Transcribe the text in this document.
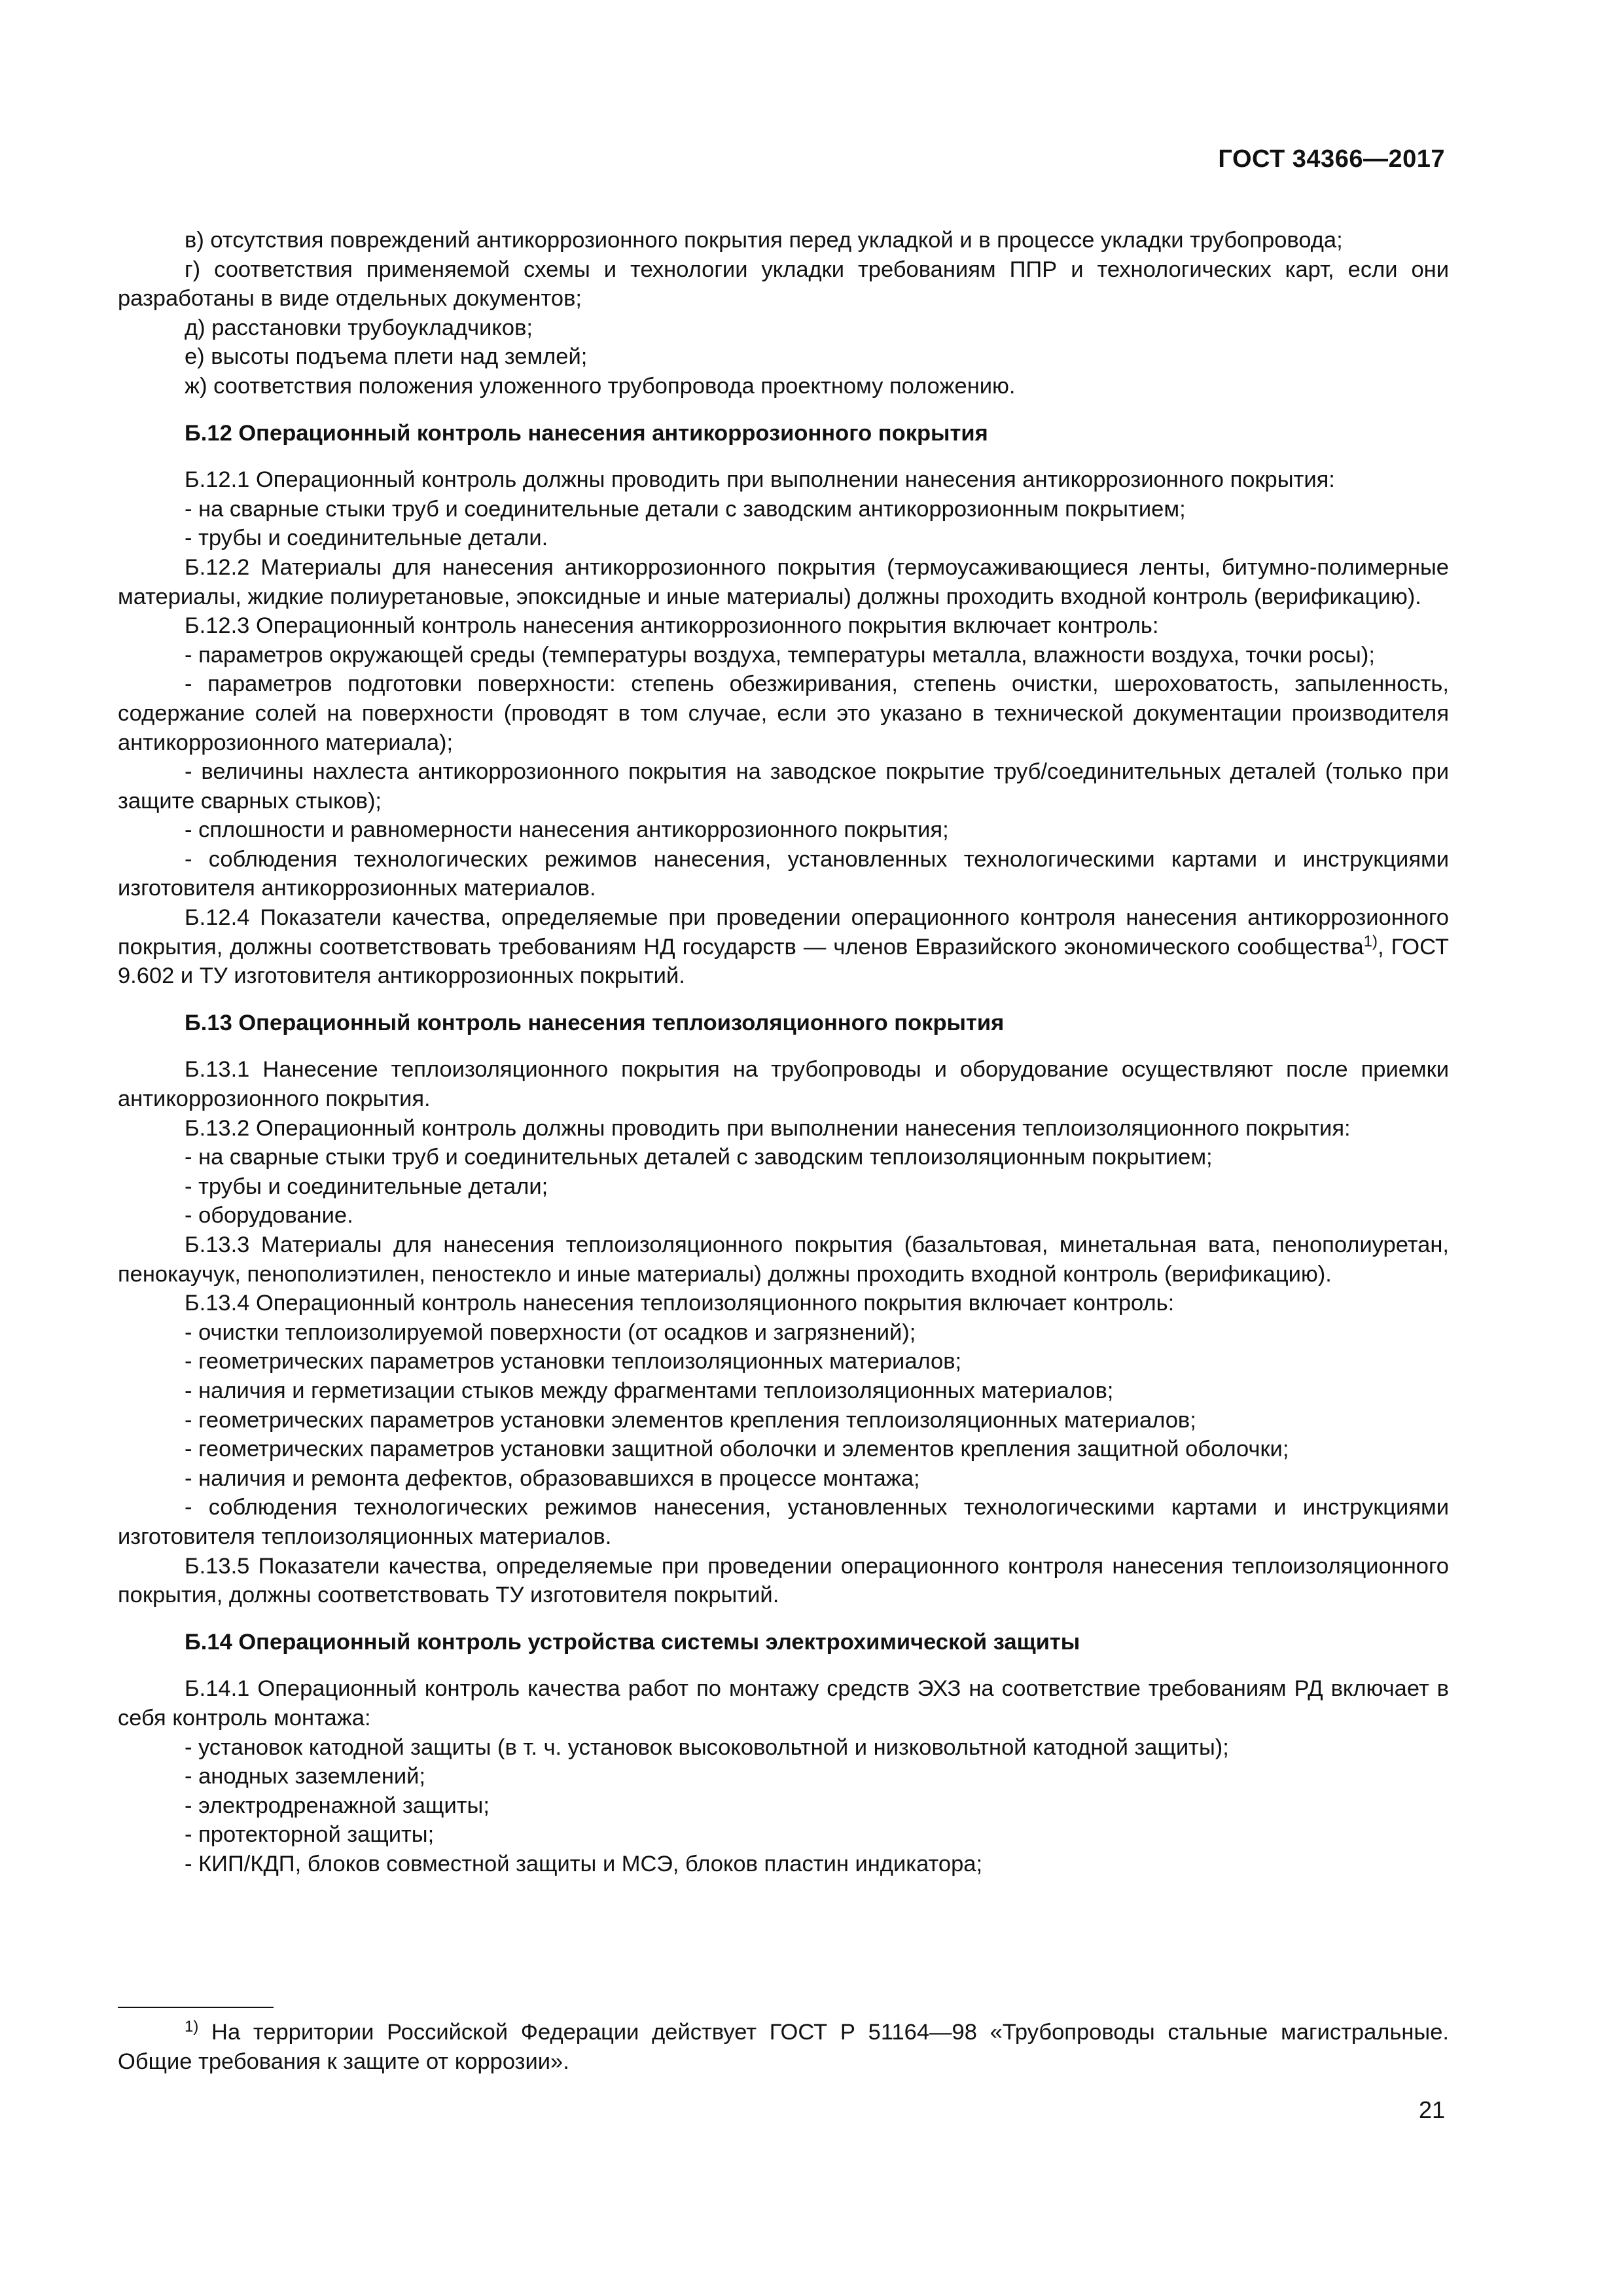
ГОСТ 34366—2017

в) отсутствия повреждений антикоррозионного покрытия перед укладкой и в процессе укладки трубопровода;

г) соответствия применяемой схемы и технологии укладки требованиям ППР и технологических карт, если они разработаны в виде отдельных документов;

д) расстановки трубоукладчиков;

е) высоты подъема плети над землей;

ж) соответствия положения уложенного трубопровода проектному положению.

Б.12 Операционный контроль нанесения антикоррозионного покрытия

Б.12.1 Операционный контроль должны проводить при выполнении нанесения антикоррозионного покрытия:

- на сварные стыки труб и соединительные детали с заводским антикоррозионным покрытием;

- трубы и соединительные детали.

Б.12.2 Материалы для нанесения антикоррозионного покрытия (термоусаживающиеся ленты, битумно-полимерные материалы, жидкие полиуретановые, эпоксидные и иные материалы) должны проходить входной контроль (верификацию).

Б.12.3 Операционный контроль нанесения антикоррозионного покрытия включает контроль:

- параметров окружающей среды (температуры воздуха, температуры металла, влажности воздуха, точки росы);

- параметров подготовки поверхности: степень обезжиривания, степень очистки, шероховатость, запыленность, содержание солей на поверхности (проводят в том случае, если это указано в технической документации производителя антикоррозионного материала);

- величины нахлеста антикоррозионного покрытия на заводское покрытие труб/соединительных деталей (только при защите сварных стыков);

- сплошности и равномерности нанесения антикоррозионного покрытия;

- соблюдения технологических режимов нанесения, установленных технологическими картами и инструкциями изготовителя антикоррозионных материалов.

Б.12.4 Показатели качества, определяемые при проведении операционного контроля нанесения антикоррозионного покрытия, должны соответствовать требованиям НД государств — членов Евразийского экономического сообщества$^{1)}$, ГОСТ 9.602 и ТУ изготовителя антикоррозионных покрытий.

Б.13 Операционный контроль нанесения теплоизоляционного покрытия

Б.13.1 Нанесение теплоизоляционного покрытия на трубопроводы и оборудование осуществляют после приемки антикоррозионного покрытия.

Б.13.2 Операционный контроль должны проводить при выполнении нанесения теплоизоляционного покрытия:

- на сварные стыки труб и соединительных деталей с заводским теплоизоляционным покрытием;

- трубы и соединительные детали;

- оборудование.

Б.13.3 Материалы для нанесения теплоизоляционного покрытия (базальтовая, минетальная вата, пенополиуретан, пенокаучук, пенополиэтилен, пеностекло и иные материалы) должны проходить входной контроль (верификацию).

Б.13.4 Операционный контроль нанесения теплоизоляционного покрытия включает контроль:

- очистки теплоизолируемой поверхности (от осадков и загрязнений);

- геометрических параметров установки теплоизоляционных материалов;

- наличия и герметизации стыков между фрагментами теплоизоляционных материалов;

- геометрических параметров установки элементов крепления теплоизоляционных материалов;

- геометрических параметров установки защитной оболочки и элементов крепления защитной оболочки;

- наличия и ремонта дефектов, образовавшихся в процессе монтажа;

- соблюдения технологических режимов нанесения, установленных технологическими картами и инструкциями изготовителя теплоизоляционных материалов.

Б.13.5 Показатели качества, определяемые при проведении операционного контроля нанесения теплоизоляционного покрытия, должны соответствовать ТУ изготовителя покрытий.

Б.14 Операционный контроль устройства системы электрохимической защиты

Б.14.1 Операционный контроль качества работ по монтажу средств ЭХЗ на соответствие требованиям РД включает в себя контроль монтажа:

- установок катодной защиты (в т. ч. установок высоковольтной и низковольтной катодной защиты);

- анодных заземлений;

- электродренажной защиты;

- протекторной защиты;

- КИП/КДП, блоков совместной защиты и МСЭ, блоков пластин индикатора;

$^{1)}$ На территории Российской Федерации действует ГОСТ Р 51164—98 «Трубопроводы стальные магистральные. Общие требования к защите от коррозии».
21
